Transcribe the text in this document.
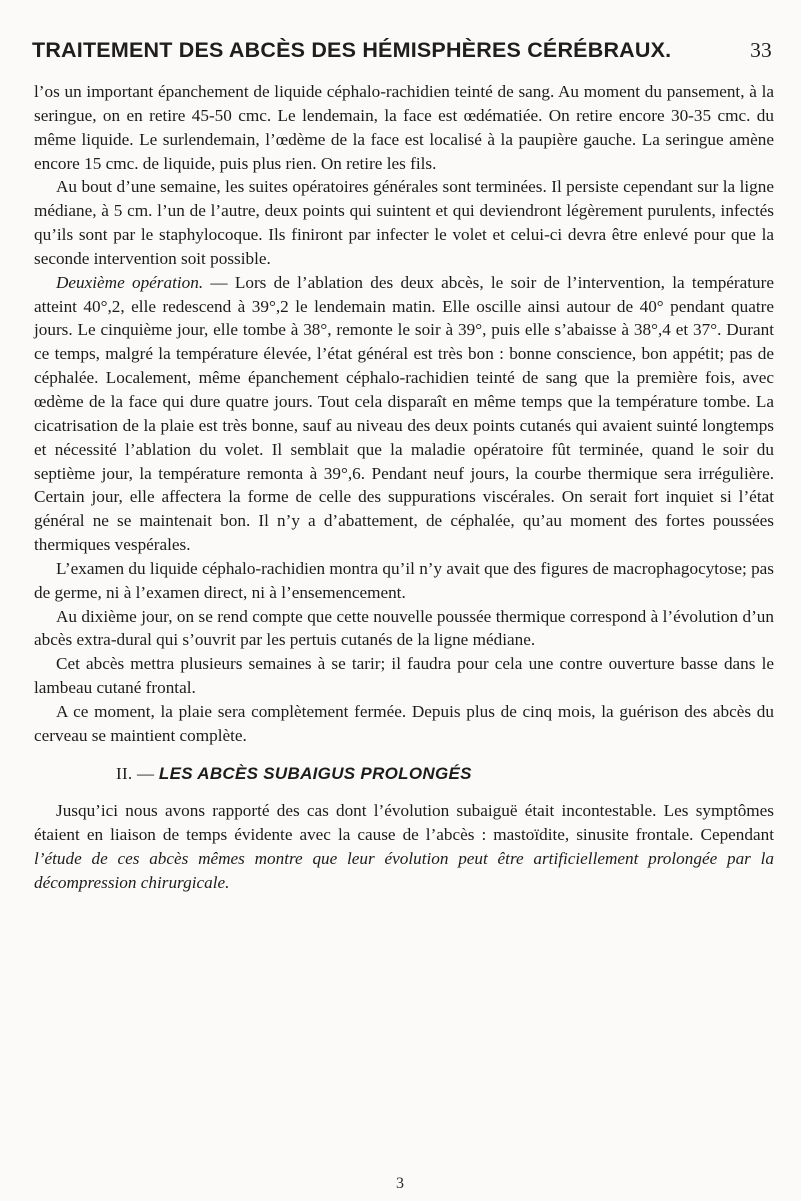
TRAITEMENT DES ABCÈS DES HÉMISPHÈRES CÉRÉBRAUX.	33

l’os un important épanchement de liquide céphalo-rachidien teinté de sang. Au moment du pansement, à la seringue, on en retire 45-50 cmc. Le lendemain, la face est œdématiée. On retire encore 30-35 cmc. du même liquide. Le surlendemain, l’œdème de la face est localisé à la paupière gauche. La seringue amène encore 15 cmc. de liquide, puis plus rien. On retire les fils.

Au bout d’une semaine, les suites opératoires générales sont terminées. Il persiste cependant sur la ligne médiane, à 5 cm. l’un de l’autre, deux points qui suintent et qui deviendront légèrement purulents, infectés qu’ils sont par le staphylocoque. Ils finiront par infecter le volet et celui-ci devra être enlevé pour que la seconde intervention soit possible.

Deuxième opération. — Lors de l’ablation des deux abcès, le soir de l’intervention, la température atteint 40°,2, elle redescend à 39°,2 le lendemain matin. Elle oscille ainsi autour de 40° pendant quatre jours. Le cinquième jour, elle tombe à 38°, remonte le soir à 39°, puis elle s’abaisse à 38°,4 et 37°. Durant ce temps, malgré la température élevée, l’état général est très bon : bonne conscience, bon appétit; pas de céphalée. Localement, même épanchement céphalo-rachidien teinté de sang que la première fois, avec œdème de la face qui dure quatre jours. Tout cela disparaît en même temps que la température tombe. La cicatrisation de la plaie est très bonne, sauf au niveau des deux points cutanés qui avaient suinté longtemps et nécessité l’ablation du volet. Il semblait que la maladie opératoire fût terminée, quand le soir du septième jour, la température remonta à 39°,6. Pendant neuf jours, la courbe thermique sera irrégulière. Certain jour, elle affectera la forme de celle des suppurations viscérales. On serait fort inquiet si l’état général ne se maintenait bon. Il n’y a d’abattement, de céphalée, qu’au moment des fortes poussées thermiques vespérales.

L’examen du liquide céphalo-rachidien montra qu’il n’y avait que des figures de macrophagocytose; pas de germe, ni à l’examen direct, ni à l’ensemencement.

Au dixième jour, on se rend compte que cette nouvelle poussée thermique correspond à l’évolution d’un abcès extra-dural qui s’ouvrit par les pertuis cutanés de la ligne médiane.

Cet abcès mettra plusieurs semaines à se tarir; il faudra pour cela une contre ouverture basse dans le lambeau cutané frontal.

A ce moment, la plaie sera complètement fermée. Depuis plus de cinq mois, la guérison des abcès du cerveau se maintient complète.

II. — LES ABCÈS SUBAIGUS PROLONGÉS

Jusqu’ici nous avons rapporté des cas dont l’évolution subaiguë était incontestable. Les symptômes étaient en liaison de temps évidente avec la cause de l’abcès : mastoïdite, sinusite frontale. Cependant l’étude de ces abcès mêmes montre que leur évolution peut être artificiellement prolongée par la décompression chirurgicale.

3
